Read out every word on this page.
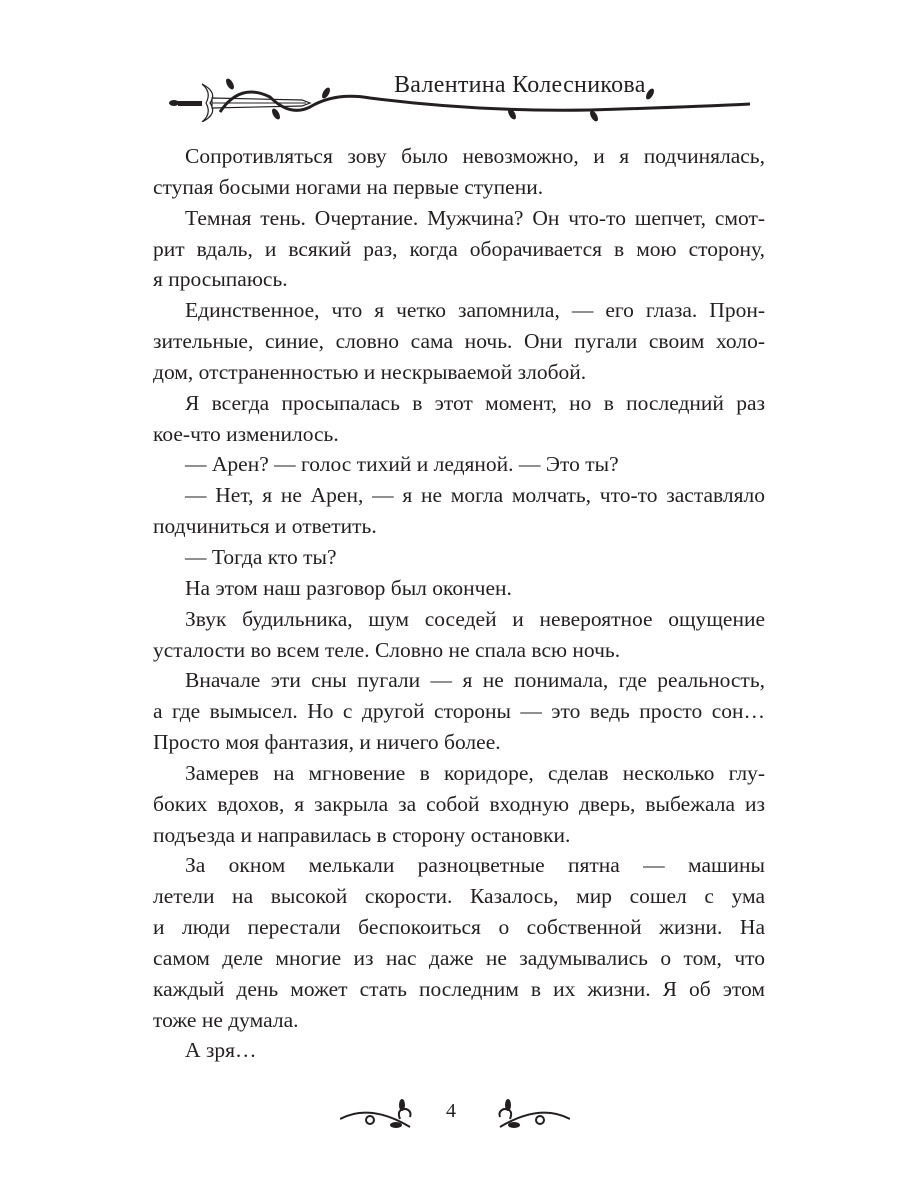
Валентина Колесникова
Сопротивляться зову было невозможно, и я подчинялась,
ступая босыми ногами на первые ступени.
Темная тень. Очертание. Мужчина? Он что-то шепчет, смот-
рит вдаль, и всякий раз, когда оборачивается в мою сторону,
я просыпаюсь.
Единственное, что я четко запомнила, — его глаза. Прон-
зительные, синие, словно сама ночь. Они пугали своим холо-
дом, отстраненностью и нескрываемой злобой.
Я всегда просыпалась в этот момент, но в последний раз
кое-что изменилось.
— Арен? — голос тихий и ледяной. — Это ты?
— Нет, я не Арен, — я не могла молчать, что-то заставляло
подчиниться и ответить.
— Тогда кто ты?
На этом наш разговор был окончен.
Звук будильника, шум соседей и невероятное ощущение
усталости во всем теле. Словно не спала всю ночь.
Вначале эти сны пугали — я не понимала, где реальность,
а где вымысел. Но с другой стороны — это ведь просто сон…
Просто моя фантазия, и ничего более.
Замерев на мгновение в коридоре, сделав несколько глу-
боких вдохов, я закрыла за собой входную дверь, выбежала из
подъезда и направилась в сторону остановки.
За окном мелькали разноцветные пятна — машины
летели на высокой скорости. Казалось, мир сошел с ума
и люди перестали беспокоиться о собственной жизни. На
самом деле многие из нас даже не задумывались о том, что
каждый день может стать последним в их жизни. Я об этом
тоже не думала.
А зря…
4
